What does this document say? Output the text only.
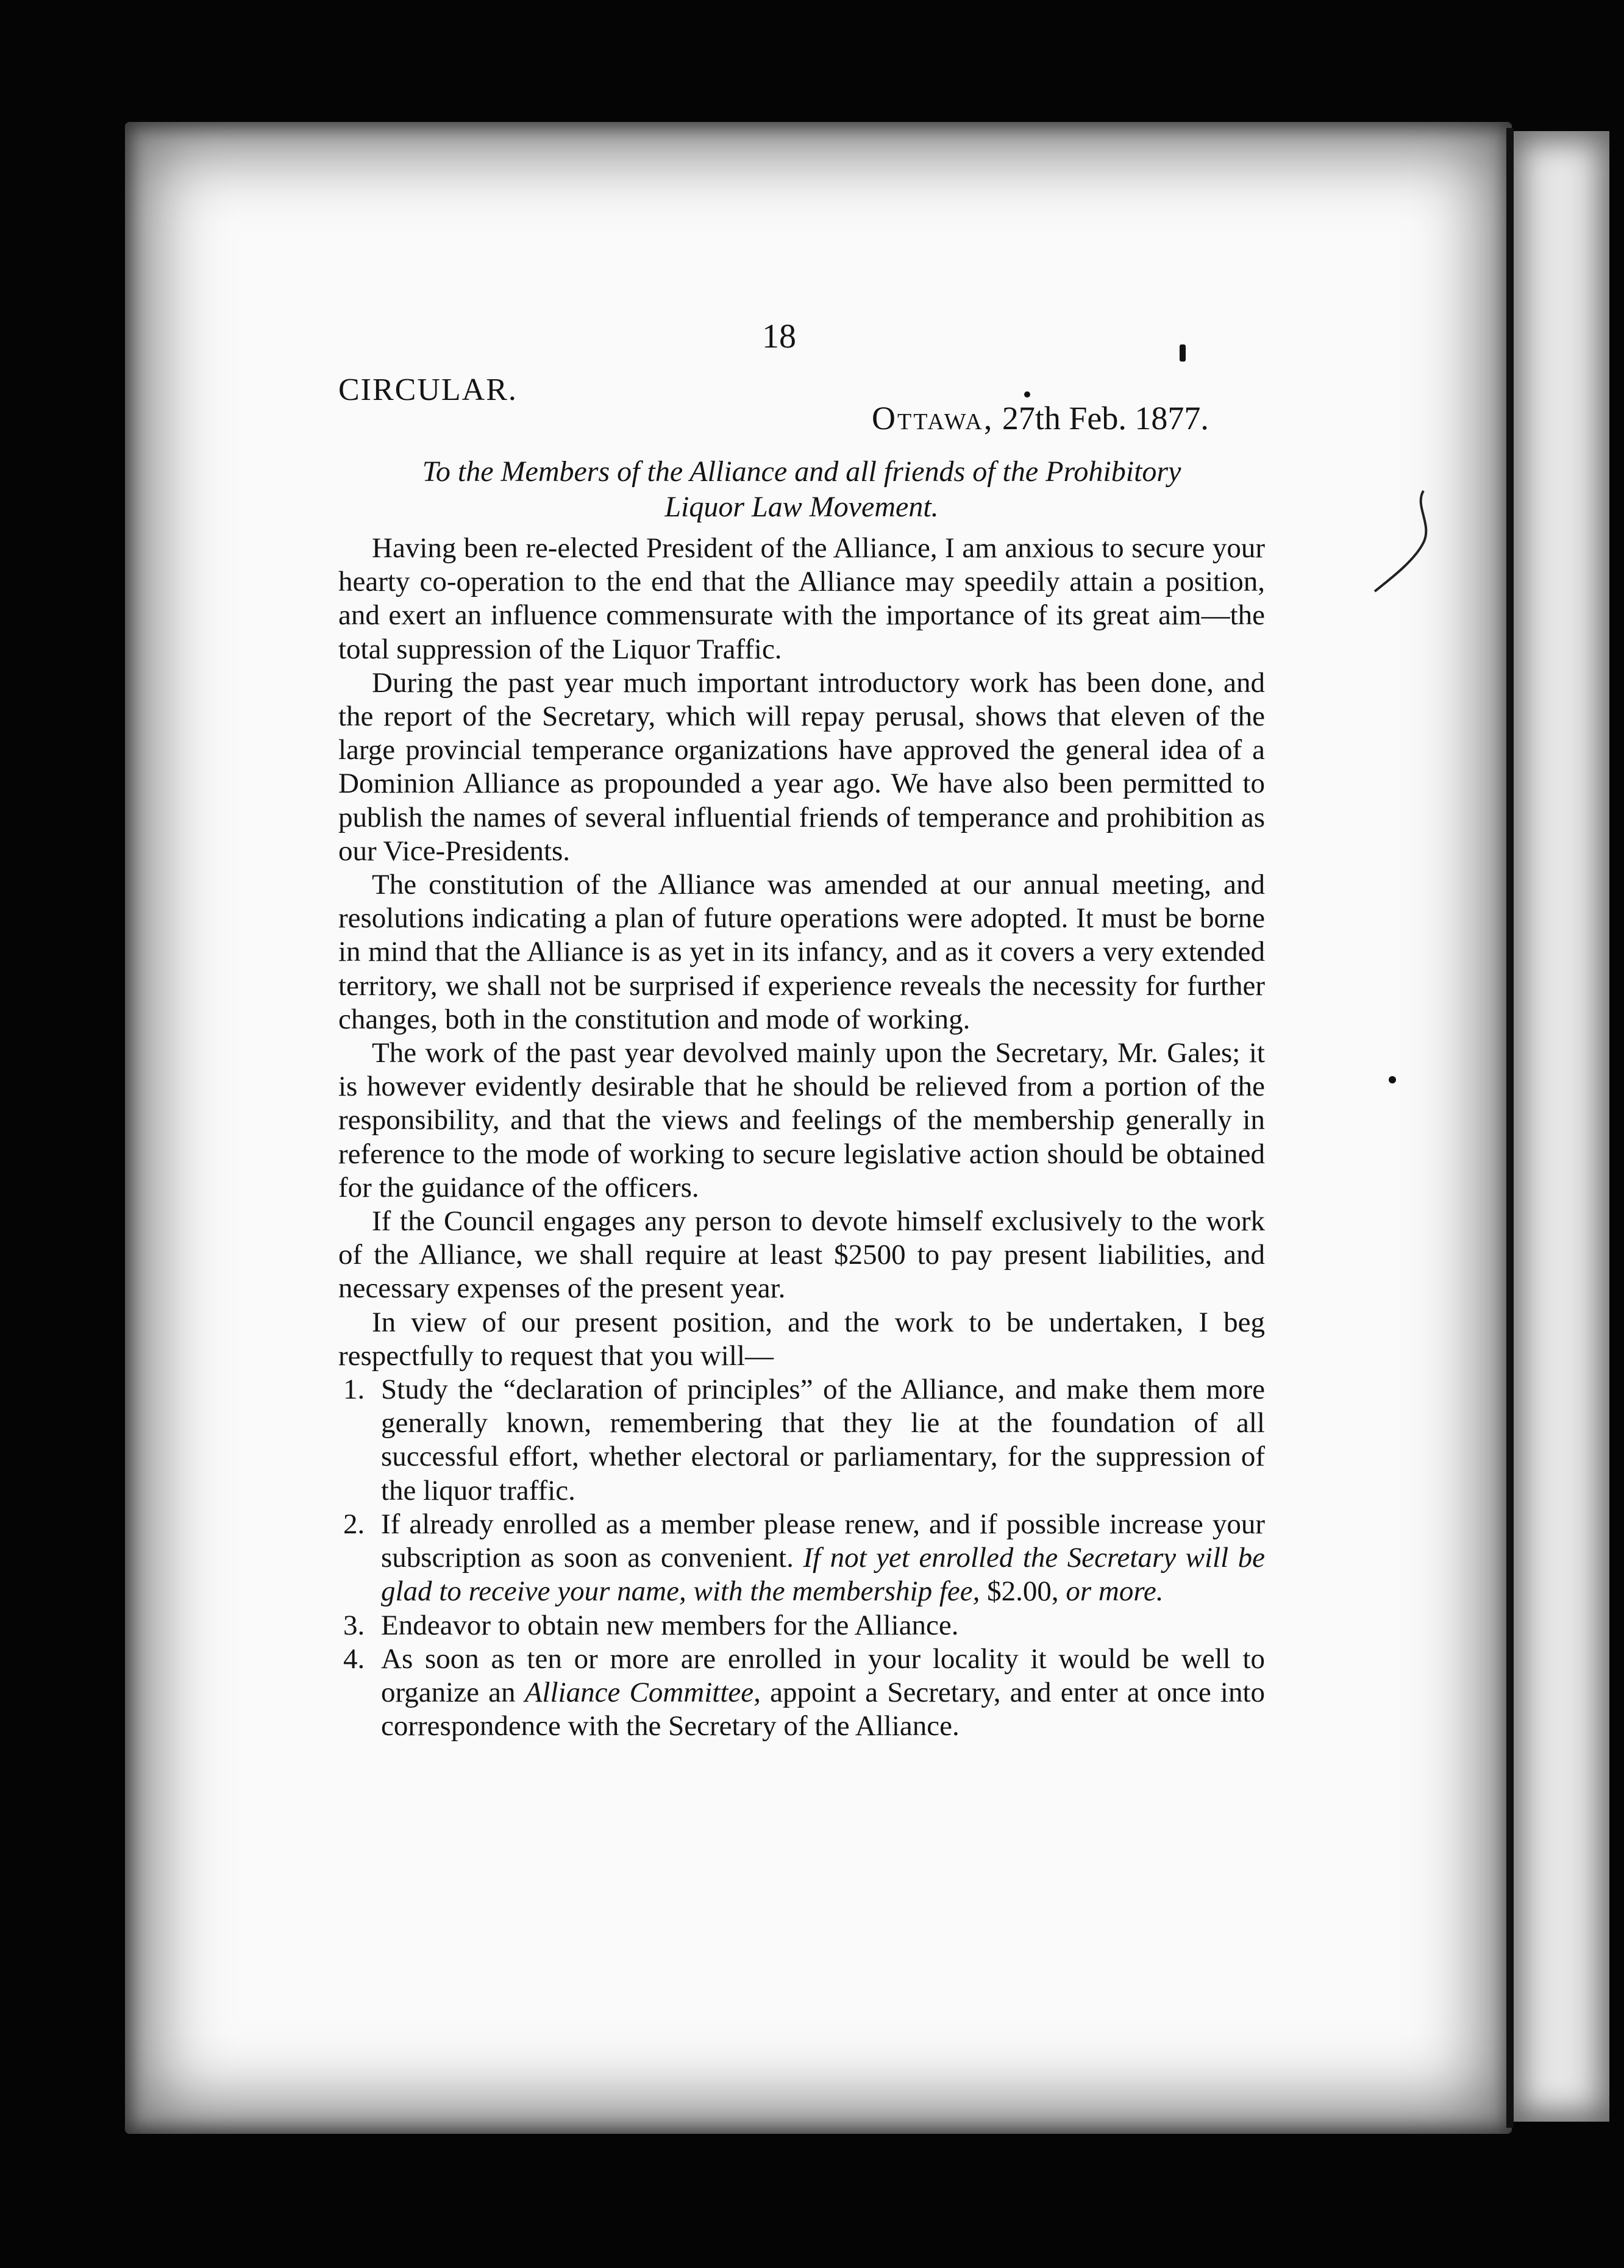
18
CIRCULAR.
Ottawa, 27th Feb. 1877.
To the Members of the Alliance and all friends of the Prohibitory
Liquor Law Movement.

Having been re-elected President of the Alliance, I am anxious to secure your hearty co-operation to the end that the Alliance may speedily attain a position, and exert an influence commensurate with the importance of its great aim—the total suppression of the Liquor Traffic.

During the past year much important introductory work has been done, and the report of the Secretary, which will repay perusal, shows that eleven of the large provincial temperance organizations have approved the general idea of a Dominion Alliance as propounded a year ago. We have also been permitted to publish the names of several influential friends of temperance and prohibition as our Vice-Presidents.

The constitution of the Alliance was amended at our annual meeting, and resolutions indicating a plan of future operations were adopted. It must be borne in mind that the Alliance is as yet in its infancy, and as it covers a very extended territory, we shall not be surprised if experience reveals the necessity for further changes, both in the constitution and mode of working.

The work of the past year devolved mainly upon the Secretary, Mr. Gales; it is however evidently desirable that he should be relieved from a portion of the responsibility, and that the views and feelings of the membership generally in reference to the mode of working to secure legislative action should be obtained for the guidance of the officers.

If the Council engages any person to devote himself exclusively to the work of the Alliance, we shall require at least $2500 to pay present liabilities, and necessary expenses of the present year.

In view of our present position, and the work to be undertaken, I beg respectfully to request that you will—

1. Study the “declaration of principles” of the Alliance, and make them more generally known, remembering that they lie at the foundation of all successful effort, whether electoral or parliamentary, for the suppression of the liquor traffic.
2. If already enrolled as a member please renew, and if possible increase your subscription as soon as convenient. If not yet enrolled the Secretary will be glad to receive your name, with the membership fee, $2.00, or more.
3. Endeavor to obtain new members for the Alliance.
4. As soon as ten or more are enrolled in your locality it would be well to organize an Alliance Committee, appoint a Secretary, and enter at once into correspondence with the Secretary of the Alliance.
